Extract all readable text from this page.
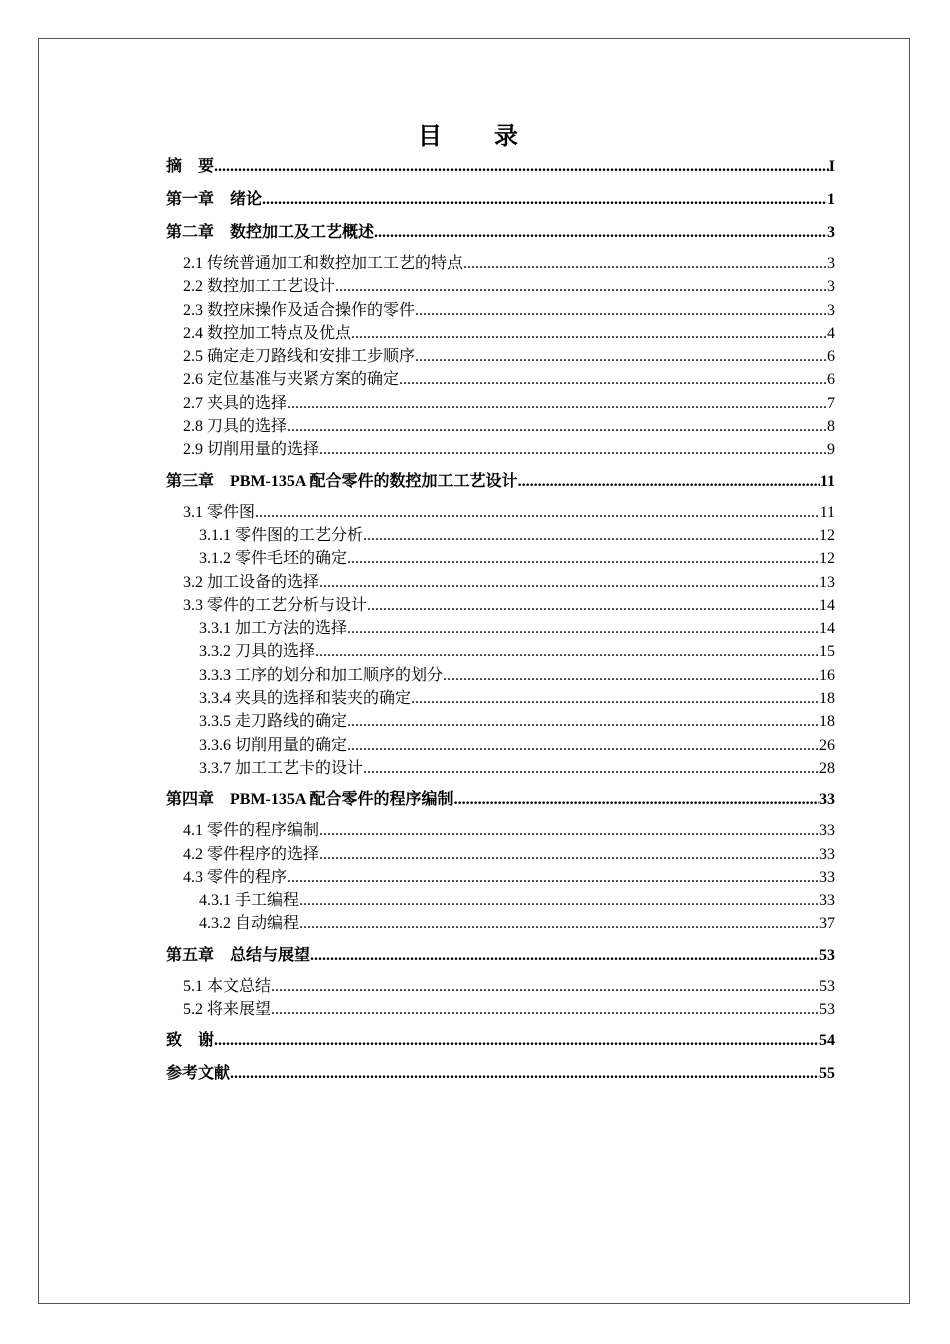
目　录
摘　要 .....	I
第一章　绪论 .....	1
第二章　数控加工及工艺概述 .....	3
2.1 传统普通加工和数控加工工艺的特点 .....	3
2.2 数控加工工艺设计 .....	3
2.3 数控床操作及适合操作的零件 .....	3
2.4 数控加工特点及优点 .....	4
2.5 确定走刀路线和安排工步顺序 .....	6
2.6 定位基准与夹紧方案的确定 .....	6
2.7 夹具的选择 .....	7
2.8 刀具的选择 .....	8
2.9 切削用量的选择 .....	9
第三章　PBM-135A 配合零件的数控加工工艺设计 .....	11
3.1 零件图 .....	11
3.1.1 零件图的工艺分析 .....	12
3.1.2 零件毛坯的确定 .....	12
3.2 加工设备的选择 .....	13
3.3 零件的工艺分析与设计 .....	14
3.3.1 加工方法的选择 .....	14
3.3.2 刀具的选择 .....	15
3.3.3 工序的划分和加工顺序的划分 .....	16
3.3.4 夹具的选择和装夹的确定 .....	18
3.3.5 走刀路线的确定 .....	18
3.3.6 切削用量的确定 .....	26
3.3.7 加工工艺卡的设计 .....	28
第四章　PBM-135A 配合零件的程序编制 .....	33
4.1 零件的程序编制 .....	33
4.2 零件程序的选择 .....	33
4.3 零件的程序 .....	33
4.3.1 手工编程 .....	33
4.3.2 自动编程 .....	37
第五章　总结与展望 .....	53
5.1 本文总结 .....	53
5.2 将来展望 .....	53
致　谢 .....	54
参考文献 .....	55
